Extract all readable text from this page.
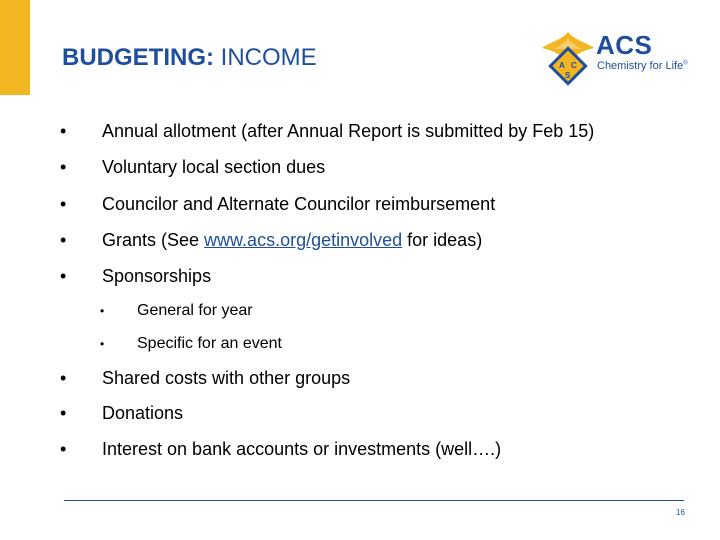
BUDGETING: INCOME	A C
S
ACS
Chemistry for Life®
• Annual allotment (after Annual Report is submitted by Feb 15)
• Voluntary local section dues
• Councilor and Alternate Councilor reimbursement
• Grants (See www.acs.org/getinvolved for ideas)
• Sponsorships
• General for year
• Specific for an event
• Shared costs with other groups
• Donations
• Interest on bank accounts or investments (well….)
16
